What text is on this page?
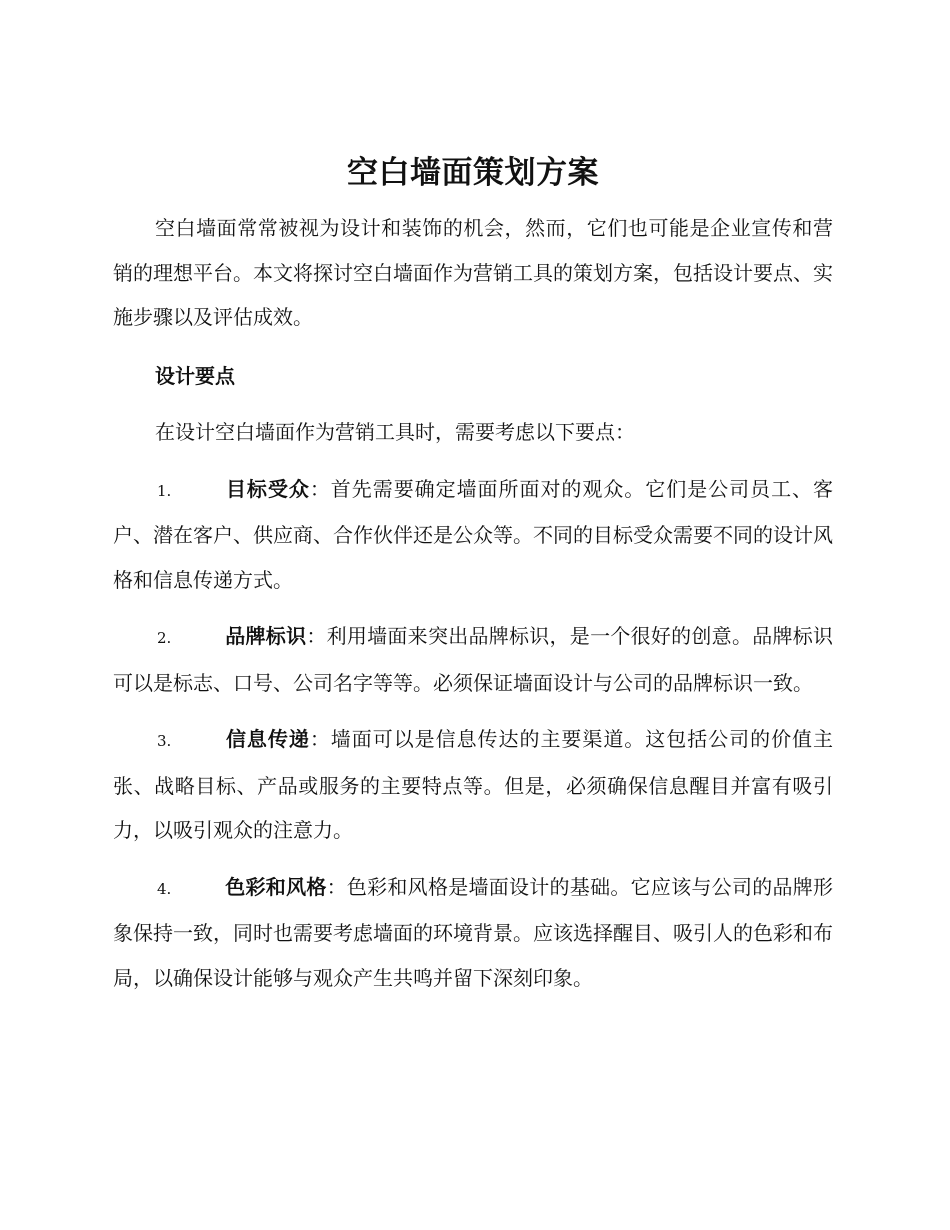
空白墙面策划方案

空白墙面常常被视为设计和装饰的机会，然而，它们也可能是企业宣传和营销的理想平台。本文将探讨空白墙面作为营销工具的策划方案，包括设计要点、实施步骤以及评估成效。

设计要点

在设计空白墙面作为营销工具时，需要考虑以下要点：

1.	目标受众：首先需要确定墙面所面对的观众。它们是公司员工、客户、潜在客户、供应商、合作伙伴还是公众等。不同的目标受众需要不同的设计风格和信息传递方式。

2.	品牌标识：利用墙面来突出品牌标识，是一个很好的创意。品牌标识可以是标志、口号、公司名字等等。必须保证墙面设计与公司的品牌标识一致。

3.	信息传递：墙面可以是信息传达的主要渠道。这包括公司的价值主张、战略目标、产品或服务的主要特点等。但是，必须确保信息醒目并富有吸引力，以吸引观众的注意力。

4.	色彩和风格：色彩和风格是墙面设计的基础。它应该与公司的品牌形象保持一致，同时也需要考虑墙面的环境背景。应该选择醒目、吸引人的色彩和布局，以确保设计能够与观众产生共鸣并留下深刻印象。
